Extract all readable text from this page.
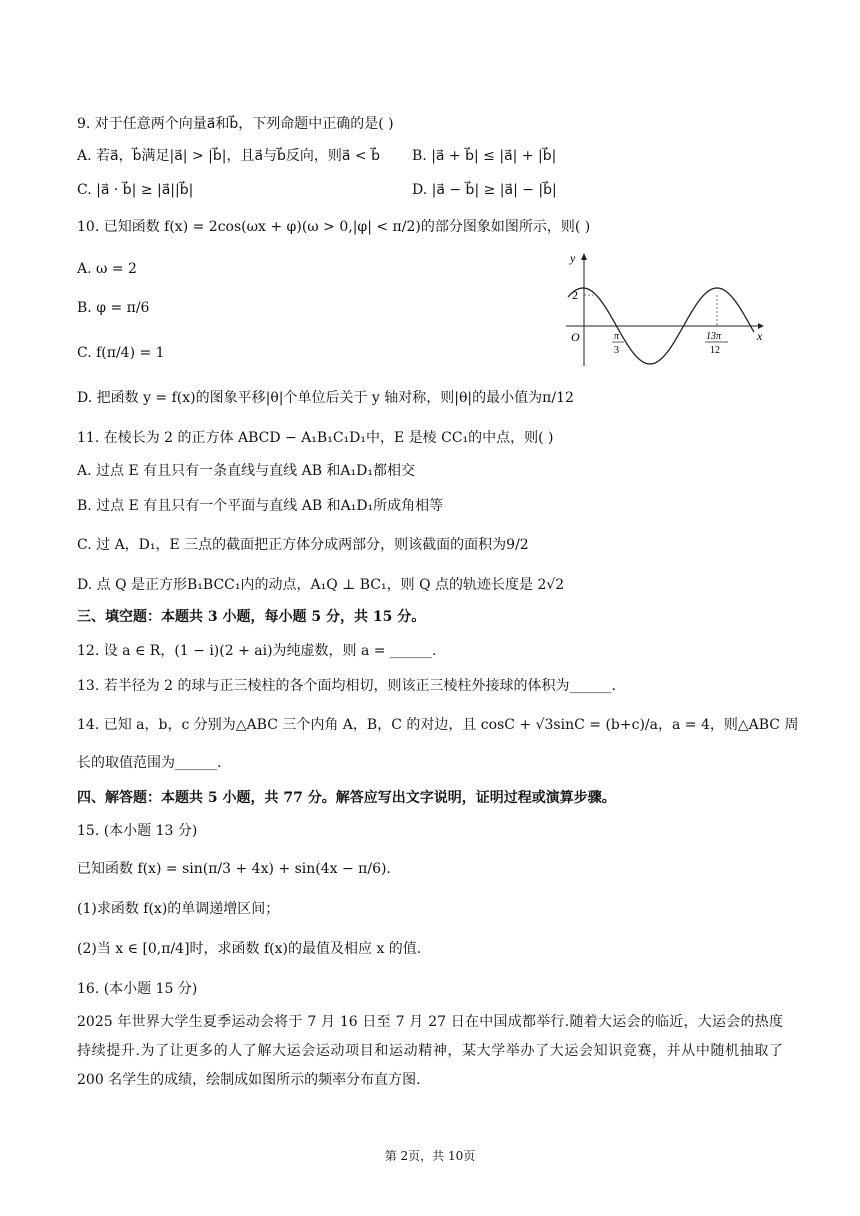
9. 对于任意两个向量a⃗和b⃗，下列命题中正确的是( )
A. 若a⃗，b⃗满足|a⃗| > |b⃗|，且a⃗与b⃗反向，则a⃗ < b⃗ B. |a⃗ + b⃗| ≤ |a⃗| + |b⃗|
C. |a⃗ · b⃗| ≥ |a⃗||b⃗|	D. |a⃗ − b⃗| ≥ |a⃗| − |b⃗|
10. 已知函数 f(x) = 2cos(ωx + φ)(ω > 0,|φ| < π/2)的部分图象如图所示，则( )
A. ω = 2
B. φ = π/6
C. f(π/4) = 1
D. 把函数 y = f(x)的图象平移|θ|个单位后关于 y 轴对称，则|θ|的最小值为π/12
y
x
O
2
π
3
13π
12
11. 在棱长为 2 的正方体 ABCD − A₁B₁C₁D₁中，E 是棱 CC₁的中点，则( )
A. 过点 E 有且只有一条直线与直线 AB 和A₁D₁都相交
B. 过点 E 有且只有一个平面与直线 AB 和A₁D₁所成角相等
C. 过 A，D₁，E 三点的截面把正方体分成两部分，则该截面的面积为9/2
D. 点 Q 是正方形B₁BCC₁内的动点，A₁Q ⊥ BC₁，则 Q 点的轨迹长度是 2√2
三、填空题：本题共 3 小题，每小题 5 分，共 15 分。
12. 设 a ∈ R，(1 − i)(2 + ai)为纯虚数，则 a = ______.
13. 若半径为 2 的球与正三棱柱的各个面均相切，则该正三棱柱外接球的体积为______.
14. 已知 a，b，c 分别为△ABC 三个内角 A，B，C 的对边，且 cosC + √3sinC = (b+c)/a，a = 4，则△ABC 周
长的取值范围为______.
四、解答题：本题共 5 小题，共 77 分。解答应写出文字说明，证明过程或演算步骤。
15. (本小题 13 分)
已知函数 f(x) = sin(π/3 + 4x) + sin(4x − π/6).
(1)求函数 f(x)的单调递增区间；
(2)当 x ∈ [0,π/4]时，求函数 f(x)的最值及相应 x 的值.
16. (本小题 15 分)
2025 年世界大学生夏季运动会将于 7 月 16 日至 7 月 27 日在中国成都举行.随着大运会的临近，大运会的热度持续提升.为了让更多的人了解大运会运动项目和运动精神，某大学举办了大运会知识竞赛，并从中随机抽取了 200 名学生的成绩，绘制成如图所示的频率分布直方图.
第 2页，共 10页
